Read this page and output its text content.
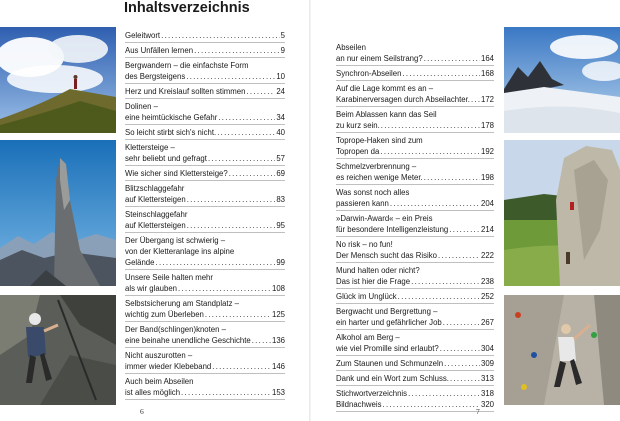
Inhaltsverzeichnis
Geleitwort .....	5
Aus Unfällen lernen .....	9
Bergwandern – die einfachste Form
des Bergsteigens .....	10
Herz und Kreislauf sollten stimmen .....	24
Dolinen –
eine heimtückische Gefahr .....	34
So leicht stirbt sich's nicht. .....	40
Klettersteige –
sehr beliebt und gefragt .....	57
Wie sicher sind Klettersteige? .....	69
Blitzschlaggefahr
auf Klettersteigen .....	83
Steinschlaggefahr
auf Klettersteigen .....	95
Der Übergang ist schwierig –
von der Kletteranlage ins alpine
Gelände .....	99
Unsere Seile halten mehr
als wir glauben .....	108
Selbstsicherung am Standplatz –
wichtig zum Überleben .....	125
Der Band(schlingen)knoten –
eine beinahe unendliche Geschichte .....	136
Nicht auszurotten –
immer wieder Klebeband .....	146
Auch beim Abseilen
ist alles möglich .....	153
6
Abseilen
an nur einem Seilstrang? .....	164
Synchron-Abseilen .....	168
Auf die Lage kommt es an –
Karabinerversagen durch Abseilachter. ..... 172
Beim Ablassen kann das Seil
zu kurz sein. .....	178
Toprope-Haken sind zum
Topropen da .....	192
Schmelzverbrennung –
es reichen wenige Meter. .....	198
Was sonst noch alles
passieren kann .....	204
»Darwin-Award« – ein Preis
für besondere Intelligenzleistung .....	214
No risk – no fun!
Der Mensch sucht das Risiko .....	222
Mund halten oder nicht?
Das ist hier die Frage .....	238
Glück im Unglück .....	252
Bergwacht und Bergrettung –
ein harter und gefährlicher Job .....	267
Alkohol am Berg –
wie viel Promille sind erlaubt? .....	304
Zum Staunen und Schmunzeln .....	309
Dank und ein Wort zum Schluss. .....	313
Stichwortverzeichnis .....	318
Bildnachweis .....	320
7
